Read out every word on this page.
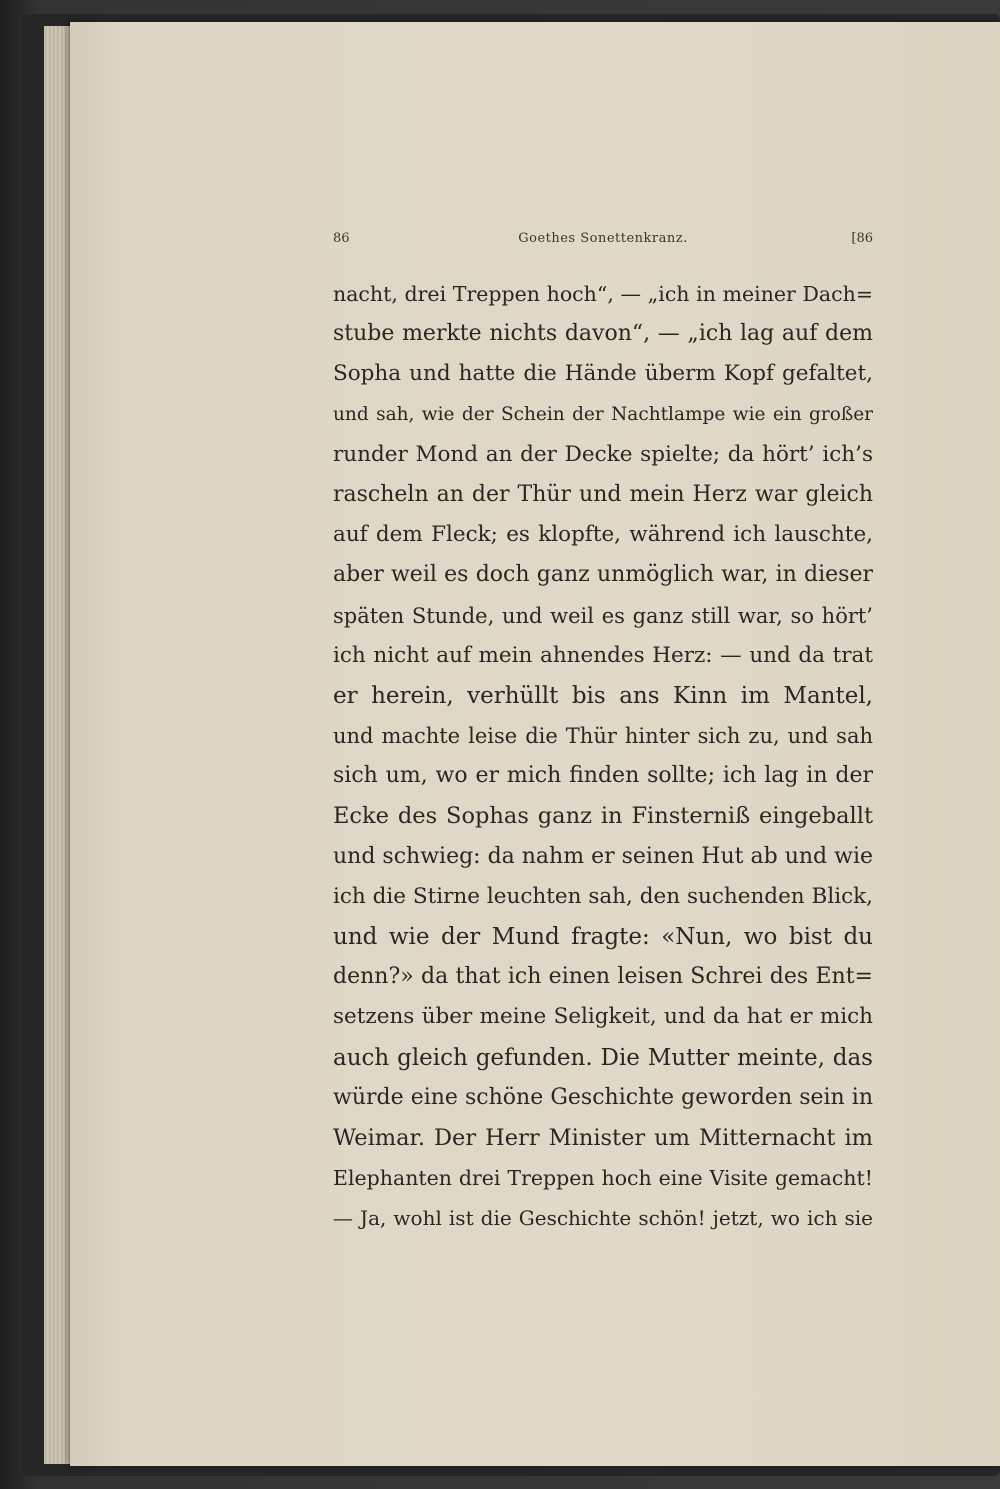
86	Goethes Sonettenkranz.	[86
nacht, drei Treppen hoch“, — „ich in meiner Dach=
stube merkte nichts davon“, — „ich lag auf dem
Sopha und hatte die Hände überm Kopf gefaltet,
und sah, wie der Schein der Nachtlampe wie ein großer
runder Mond an der Decke spielte; da hört’ ich’s
rascheln an der Thür und mein Herz war gleich
auf dem Fleck; es klopfte, während ich lauschte,
aber weil es doch ganz unmöglich war, in dieser
späten Stunde, und weil es ganz still war, so hört’
ich nicht auf mein ahnendes Herz: — und da trat
er herein, verhüllt bis ans Kinn im Mantel,
und machte leise die Thür hinter sich zu, und sah
sich um, wo er mich finden sollte; ich lag in der
Ecke des Sophas ganz in Finsterniß eingeballt
und schwieg: da nahm er seinen Hut ab und wie
ich die Stirne leuchten sah, den suchenden Blick,
und wie der Mund fragte: «Nun, wo bist du
denn?» da that ich einen leisen Schrei des Ent=
setzens über meine Seligkeit, und da hat er mich
auch gleich gefunden. Die Mutter meinte, das
würde eine schöne Geschichte geworden sein in
Weimar. Der Herr Minister um Mitternacht im
Elephanten drei Treppen hoch eine Visite gemacht!
— Ja, wohl ist die Geschichte schön! jetzt, wo ich sie
